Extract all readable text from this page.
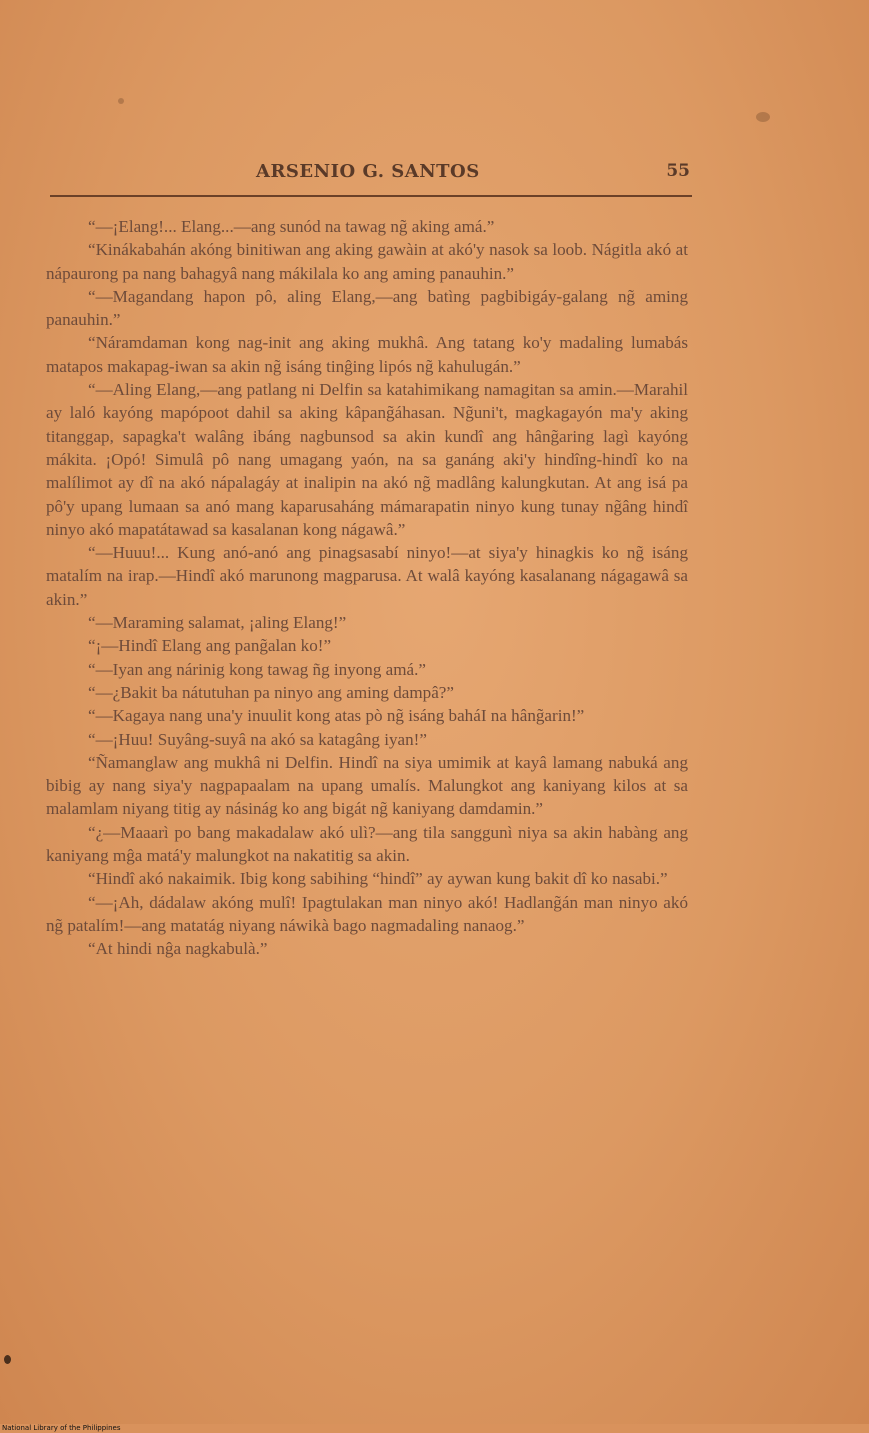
ARSENIO G. SANTOS	55

“—¡Elang!... Elang...—ang sunód na tawag ng̃ aking amá.”

“Kinákabahán akóng binitiwan ang aking gawàin at akó'y nasok sa loob. Nágitla akó at nápaurong pa nang bahagyâ nang mákilala ko ang aming panauhin.”

“—Magandang hapon pô, aling Elang,—ang batìng pagbibigáy-galang ng̃ aming panauhin.”

“Náramdaman kong nag-init ang aking mukhâ. Ang tatang ko'y madaling lumabás matapos makapag-iwan sa akin ng̃ isáng tinĝing lipós ng̃ kahulugán.”

“—Aling Elang,—ang patlang ni Delfin sa katahimikang namagitan sa amin.—Marahil ay laló kayóng mapópoot dahil sa aking kâpang̃áhasan. Ng̃uni't, magkagayón ma'y aking titanggap, sapagka't walâng ibáng nagbunsod sa akin kundî ang hâng̃aring lagì kayóng mákita. ¡Opó! Simulâ pô nang umagang yaón, na sa ganáng aki'y hindîng-hindî ko na malílimot ay dî na akó nápalagáy at inalipin na akó ng̃ madlâng kalungkutan. At ang isá pa pô'y upang lumaan sa anó mang kaparusaháng mámarapatin ninyo kung tunay ng̃âng hindî ninyo akó mapatátawad sa kasalanan kong nágawâ.”

“—Huuu!... Kung anó-anó ang pinagsasabí ninyo!—at siya'y hinagkis ko ng̃ isáng matalím na irap.—Hindî akó marunong magparusa. At walâ kayóng kasalanang nágagawâ sa akin.”

“—Maraming salamat, ¡aling Elang!”

“¡—Hindî Elang ang pang̃alan ko!”

“—Iyan ang nárinig kong tawag ñg inyong amá.”

“—¿Bakit ba nátutuhan pa ninyo ang aming dampâ?”

“—Kagaya nang una'y inuulit kong atas pò ng̃ isáng baháI na hâng̃arin!”

“—¡Huu! Suyâng-suyâ na akó sa katagâng iyan!”

“Ñamanglaw ang mukhâ ni Delfin. Hindî na siya umimik at kayâ lamang nabuká ang bibig ay nang siya'y nagpapaalam na upang umalís. Malungkot ang kaniyang kilos at sa malamlam niyang titig ay násinág ko ang bigát ng̃ kaniyang damdamin.”

“¿—Maaarì po bang makadalaw akó ulì?—ang tila sanggunì niya sa akin habàng ang kaniyang mĝa matá'y malungkot na nakatitig sa akin.

“Hindî akó nakaimik. Ibig kong sabihing “hindî” ay aywan kung bakit dî ko nasabi.”

“—¡Ah, dádalaw akóng mulî! Ipagtulakan man ninyo akó! Hadlang̃án man ninyo akó ng̃ patalím!—ang matatág niyang náwikà bago nagmadaling nanaog.”

“At hindi nĝa nagkabulà.”

National Library of the Philippines
